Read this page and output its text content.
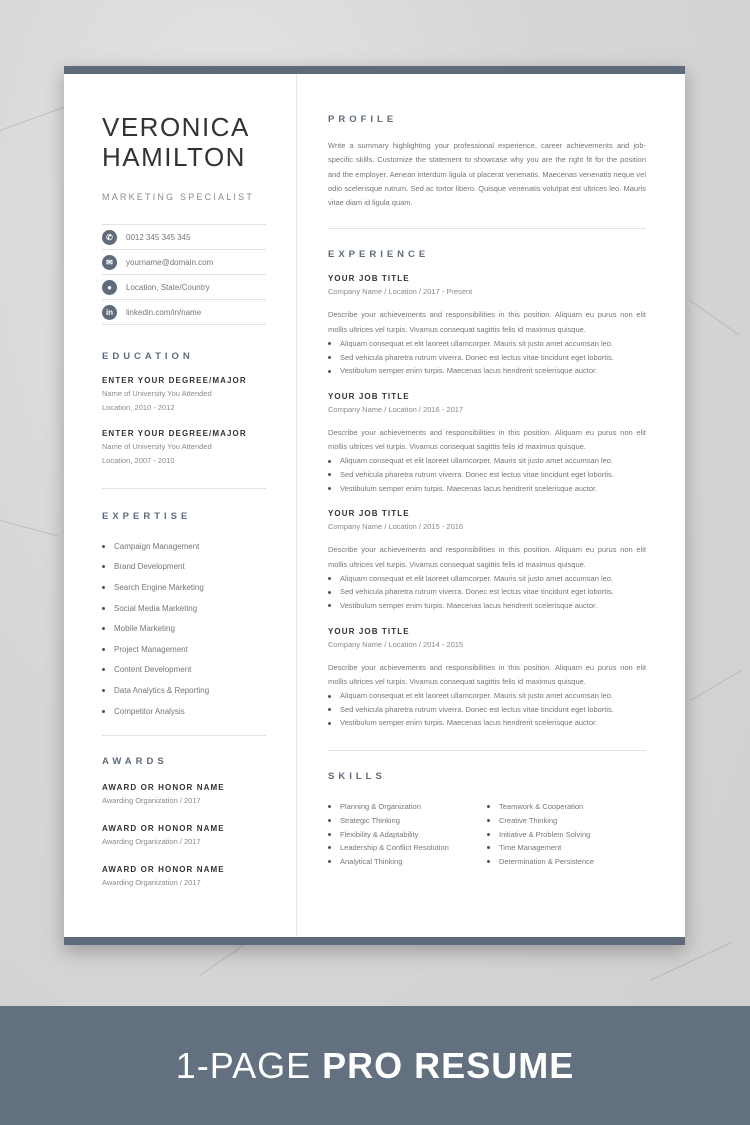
VERONICA
HAMILTON
MARKETING SPECIALIST
✆	0012 345 345 345
✉	yourname@domain.com
●	Location, State/Country
in	linkedin.com/in/name
EDUCATION
ENTER YOUR DEGREE/MAJOR
Name of University You Attended
Location, 2010 - 2012
ENTER YOUR DEGREE/MAJOR
Name of University You Attended
Location, 2007 - 2010
EXPERTISE
Campaign Management
Brand Development
Search Engine Marketing
Social Media Marketing
Mobile Marketing
Project Management
Content Development
Data Analytics & Reporting
Competitor Analysis
AWARDS
AWARD OR HONOR NAME
Awarding Organization / 2017
AWARD OR HONOR NAME
Awarding Organization / 2017
AWARD OR HONOR NAME
Awarding Organization / 2017
PROFILE
Write a summary highlighting your professional experience, career achievements and job-specific skills. Customize the statement to showcase why you are the right fit for the position and the employer. Aenean interdum ligula ut placerat venenatis. Maecenas venenatis neque vel odio scelerisque rutrum. Sed ac tortor libero. Quisque venenatis volutpat est ultrices leo. Mauris vitae diam id ligula quam.
EXPERIENCE
YOUR JOB TITLE
Company Name / Location / 2017 - Present
Describe your achievements and responsibilities in this position. Aliquam eu purus non elit mollis ultrices vel turpis. Vivamus consequat sagittis felis id maximus quisque.
Aliquam consequat et elit laoreet ullamcorper. Mauris sit justo amet accumsan leo.
Sed vehicula pharetra rutrum viverra. Donec est lectus vitae tincidunt eget lobortis.
Vestibulum semper enim turpis. Maecenas lacus hendrerit scelerisque auctor.
YOUR JOB TITLE
Company Name / Location / 2016 - 2017
Describe your achievements and responsibilities in this position. Aliquam eu purus non elit mollis ultrices vel turpis. Vivamus consequat sagittis felis id maximus quisque.
Aliquam consequat et elit laoreet ullamcorper. Mauris sit justo amet accumsan leo.
Sed vehicula pharetra rutrum viverra. Donec est lectus vitae tincidunt eget lobortis.
Vestibulum semper enim turpis. Maecenas lacus hendrerit scelerisque auctor.
YOUR JOB TITLE
Company Name / Location / 2015 - 2016
Describe your achievements and responsibilities in this position. Aliquam eu purus non elit mollis ultrices vel turpis. Vivamus consequat sagittis felis id maximus quisque.
Aliquam consequat et elit laoreet ullamcorper. Mauris sit justo amet accumsan leo.
Sed vehicula pharetra rutrum viverra. Donec est lectus vitae tincidunt eget lobortis.
Vestibulum semper enim turpis. Maecenas lacus hendrerit scelerisque auctor.
YOUR JOB TITLE
Company Name / Location / 2014 - 2015
Describe your achievements and responsibilities in this position. Aliquam eu purus non elit mollis ultrices vel turpis. Vivamus consequat sagittis felis id maximus quisque.
Aliquam consequat et elit laoreet ullamcorper. Mauris sit justo amet accumsan leo.
Sed vehicula pharetra rutrum viverra. Donec est lectus vitae tincidunt eget lobortis.
Vestibulum semper enim turpis. Maecenas lacus hendrerit scelerisque auctor.
SKILLS
Planning & Organization
Strategic Thinking
Flexibility & Adaptability
Leadership & Conflict Resolution
Analytical Thinking
Teamwork & Cooperation
Creative Thinking
Initiative & Problem Solving
Time Management
Determination & Persistence
1-PAGE PRO RESUME
